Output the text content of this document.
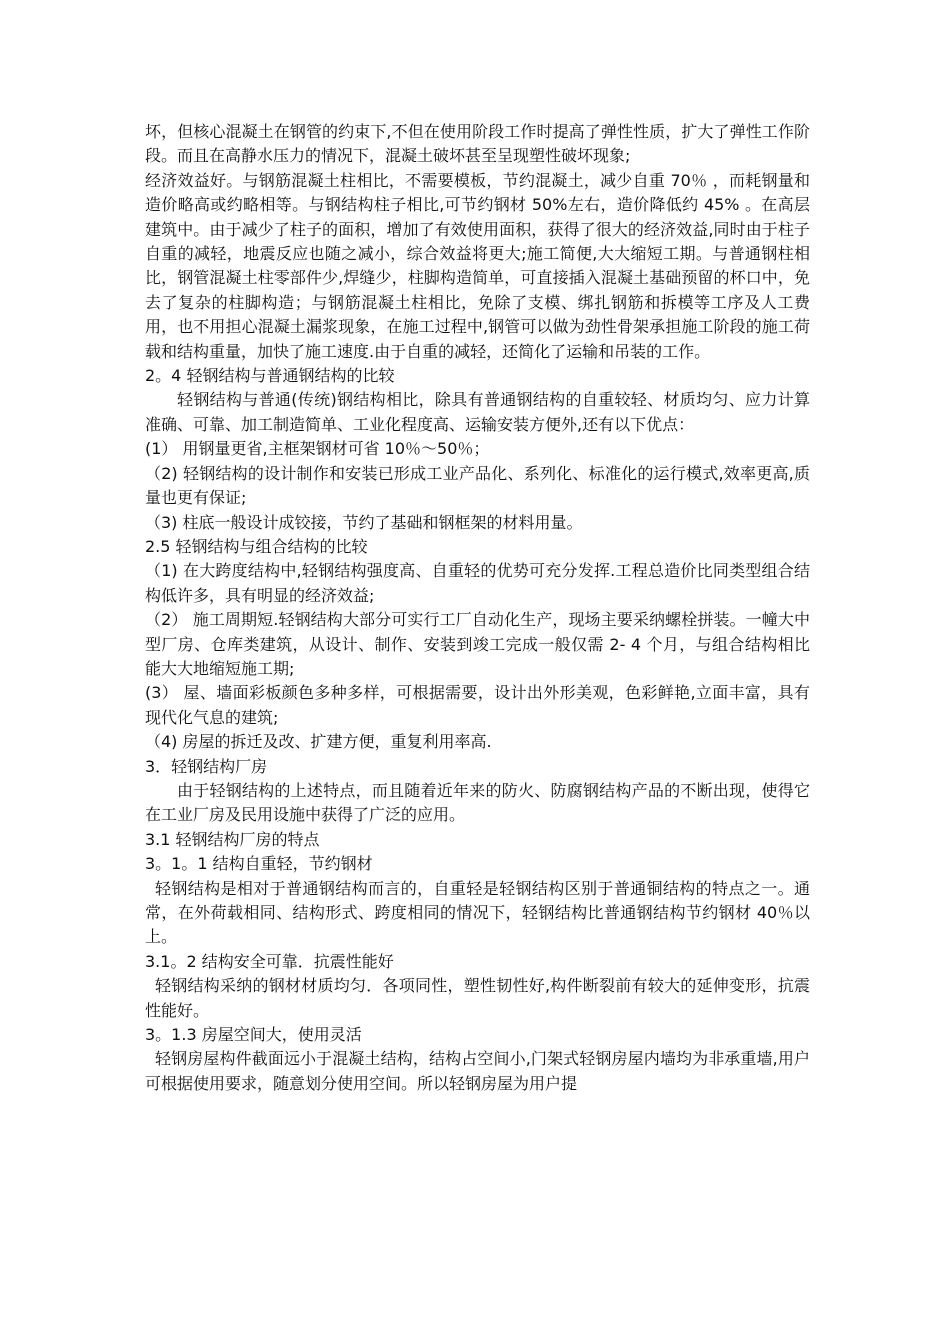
坏，但核心混凝土在钢管的约束下,不但在使用阶段工作时提高了弹性性质，扩大了弹性工作阶段。而且在高静水压力的情况下，混凝土破坏甚至呈现塑性破坏现象;

经济效益好。与钢筋混凝土柱相比，不需要模板，节约混凝土，减少自重 70％ ，而耗钢量和造价略高或约略相等。与钢结构柱子相比,可节约钢材 50%左右，造价降低约 45% 。在高层建筑中。由于减少了柱子的面积，增加了有效使用面积，获得了很大的经济效益,同时由于柱子自重的减轻，地震反应也随之减小，综合效益将更大;施工简便,大大缩短工期。与普通钢柱相比，钢管混凝土柱零部件少,焊缝少，柱脚构造简单，可直接插入混凝土基础预留的杯口中，免去了复杂的柱脚构造；与钢筋混凝土柱相比，免除了支模、绑扎钢筋和拆模等工序及人工费用，也不用担心混凝土漏浆现象，在施工过程中,钢管可以做为劲性骨架承担施工阶段的施工荷载和结构重量，加快了施工速度.由于自重的减轻，还简化了运输和吊装的工作。

2。4 轻钢结构与普通钢结构的比较

轻钢结构与普通(传统)钢结构相比，除具有普通钢结构的自重较轻、材质均匀、应力计算准确、可靠、加工制造简单、工业化程度高、运输安装方便外,还有以下优点：

(1） 用钢量更省,主框架钢材可省 10％～50％；

（2) 轻钢结构的设计制作和安装已形成工业产品化、系列化、标准化的运行模式,效率更高,质量也更有保证;

（3) 柱底一般设计成铰接，节约了基础和钢框架的材料用量。

2.5 轻钢结构与组合结构的比较

（1) 在大跨度结构中,轻钢结构强度高、自重轻的优势可充分发挥.工程总造价比同类型组合结构低许多，具有明显的经济效益;

（2） 施工周期短.轻钢结构大部分可实行工厂自动化生产，现场主要采纳螺栓拼装。一幢大中型厂房、仓库类建筑，从设计、制作、安装到竣工完成一般仅需 2- 4 个月，与组合结构相比能大大地缩短施工期;

(3） 屋、墙面彩板颜色多种多样，可根据需要，设计出外形美观，色彩鲜艳,立面丰富，具有现代化气息的建筑;

（4) 房屋的拆迁及改、扩建方便，重复利用率高.

3．轻钢结构厂房

由于轻钢结构的上述特点，而且随着近年来的防火、防腐钢结构产品的不断出现，使得它在工业厂房及民用设施中获得了广泛的应用。

3.1 轻钢结构厂房的特点

3。1。1 结构自重轻，节约钢材

轻钢结构是相对于普通钢结构而言的，自重轻是轻钢结构区别于普通铜结构的特点之一。通常，在外荷载相同、结构形式、跨度相同的情况下，轻钢结构比普通钢结构节约钢材 40％以上。

3.1。2 结构安全可靠．抗震性能好

轻钢结构采纳的钢材材质均匀．各项同性，塑性韧性好,构件断裂前有较大的延伸变形，抗震性能好。

3。1.3 房屋空间大，使用灵活

轻钢房屋构件截面远小于混凝土结构，结构占空间小,门架式轻钢房屋内墙均为非承重墙,用户可根据使用要求，随意划分使用空间。所以轻钢房屋为用户提
